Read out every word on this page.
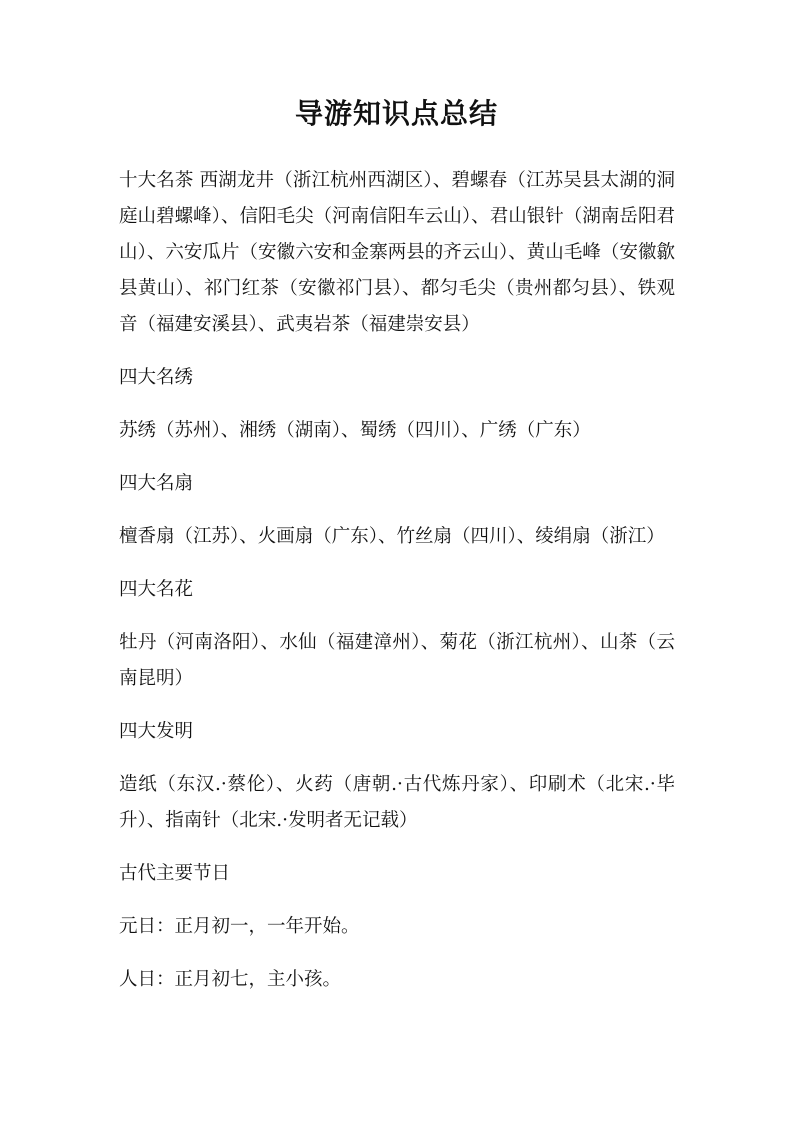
导游知识点总结

十大名茶 西湖龙井（浙江杭州西湖区）、碧螺春（江苏吴县太湖的洞庭山碧螺峰）、信阳毛尖（河南信阳车云山）、君山银针（湖南岳阳君山）、六安瓜片（安徽六安和金寨两县的齐云山）、黄山毛峰（安徽歙县黄山）、祁门红茶（安徽祁门县）、都匀毛尖（贵州都匀县）、铁观音（福建安溪县）、武夷岩茶（福建崇安县）

四大名绣

苏绣（苏州）、湘绣（湖南）、蜀绣（四川）、广绣（广东）

四大名扇

檀香扇（江苏）、火画扇（广东）、竹丝扇（四川）、绫绢扇（浙江）

四大名花

牡丹（河南洛阳）、水仙（福建漳州）、菊花（浙江杭州）、山茶（云南昆明）

四大发明

造纸（东汉.·蔡伦）、火药（唐朝.·古代炼丹家）、印刷术（北宋.·毕升）、指南针（北宋.·发明者无记载）

古代主要节日

元日：正月初一，一年开始。

人日：正月初七，主小孩。
